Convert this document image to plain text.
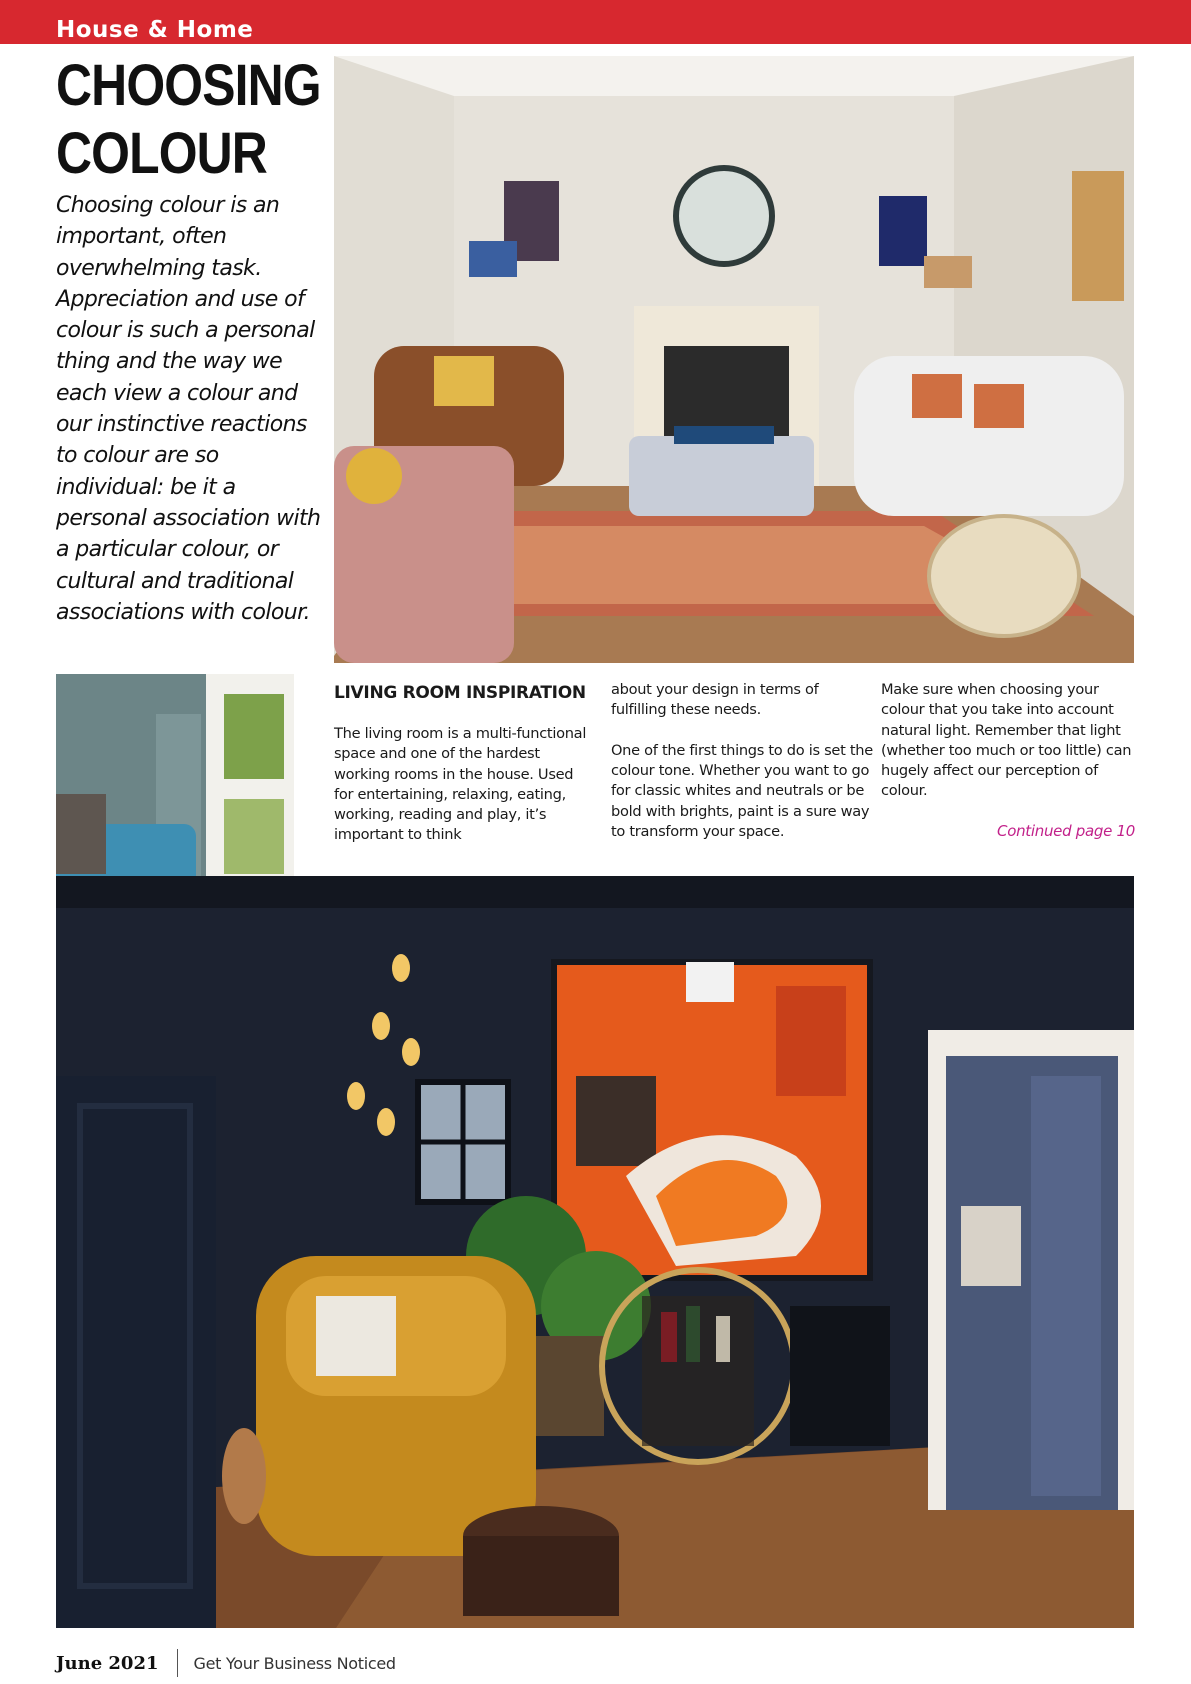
House & Home
CHOOSING
COLOUR

Choosing colour is an important, often overwhelming task. Appreciation and use of colour is such a personal thing and the way we each view a colour and our instinctive reactions to colour are so individual: be it a personal association with a particular colour, or cultural and traditional associations with colour.

LIVING ROOM INSPIRATION

The living room is a multi-functional space and one of the hardest working rooms in the house. Used for entertaining, relaxing, eating, working, reading and play, it’s important to think

about your design in terms of fulfilling these needs.

One of the first things to do is set the colour tone. Whether you want to go for classic whites and neutrals or be bold with brights, paint is a sure way to transform your space.

Make sure when choosing your colour that you take into account natural light. Remember that light (whether too much or too little) can hugely affect our perception of colour.

Continued page 10
June 2021 Get Your Business Noticed
